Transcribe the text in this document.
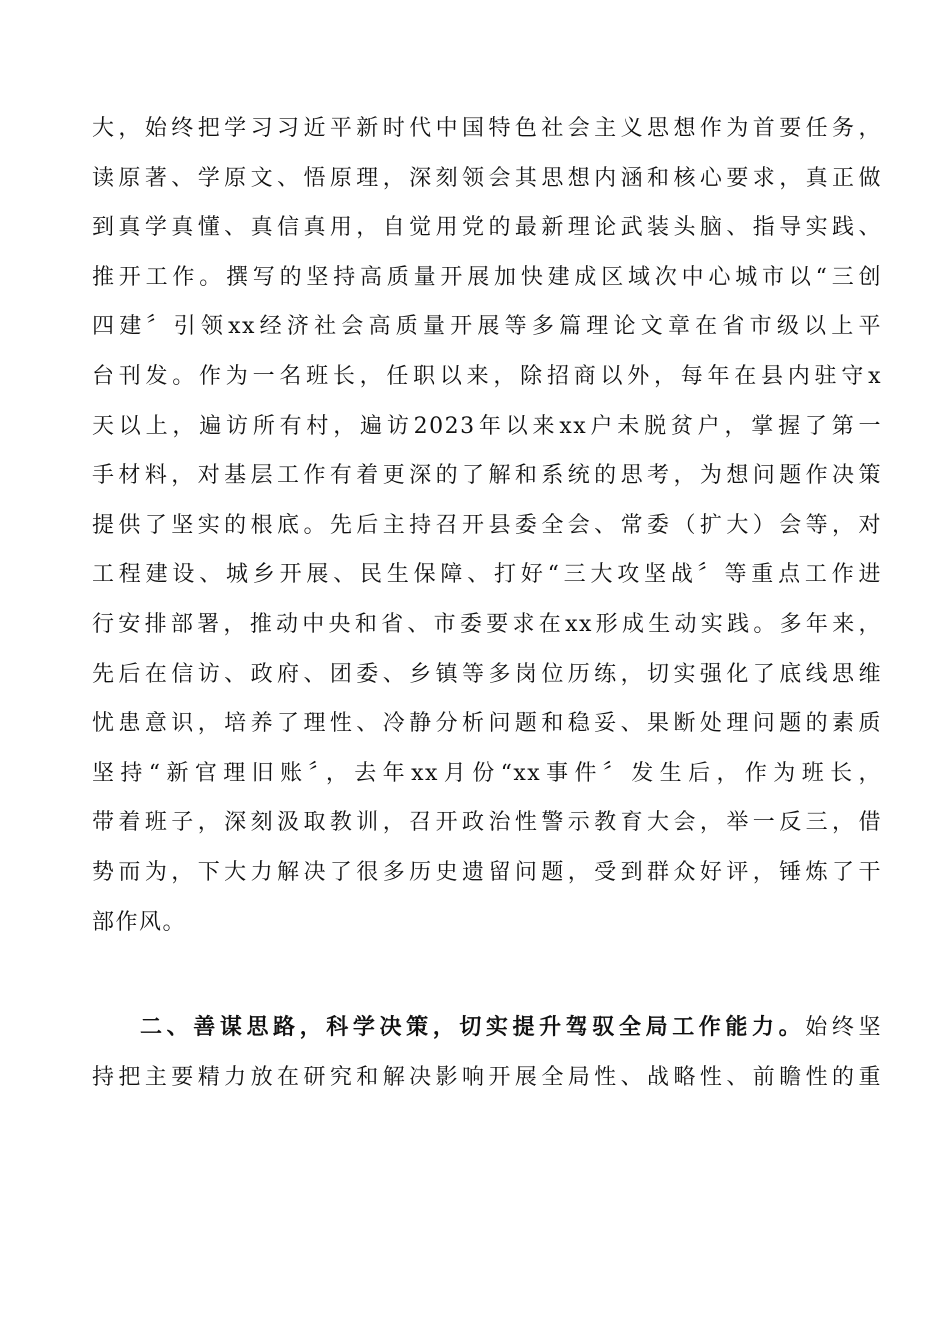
大，始终把学习习近平新时代中国特色社会主义思想作为首要任务，
读原著、学原文、悟原理，深刻领会其思想内涵和核心要求，真正做
到真学真懂、真信真用，自觉用党的最新理论武装头脑、指导实践、
推开工作。撰写的坚持高质量开展加快建成区域次中心城市以“三创
四建〞引领xx经济社会高质量开展等多篇理论文章在省市级以上平
台刊发。作为一名班长，任职以来，除招商以外，每年在县内驻守x
天以上，遍访所有村，遍访2023年以来xx户未脱贫户，掌握了第一
手材料，对基层工作有着更深的了解和系统的思考，为想问题作决策
提供了坚实的根底。先后主持召开县委全会、常委（扩大）会等，对
工程建设、城乡开展、民生保障、打好“三大攻坚战〞等重点工作进
行安排部署，推动中央和省、市委要求在xx形成生动实践。多年来，
先后在信访、政府、团委、乡镇等多岗位历练，切实强化了底线思维
忧患意识，培养了理性、冷静分析问题和稳妥、果断处理问题的素质
坚持“新官理旧账〞，去年xx月份“xx事件〞发生后，作为班长，
带着班子，深刻汲取教训，召开政治性警示教育大会，举一反三，借
势而为，下大力解决了很多历史遗留问题，受到群众好评，锤炼了干
部作风。
二、善谋思路，科学决策，切实提升驾驭全局工作能力。始终坚
持把主要精力放在研究和解决影响开展全局性、战略性、前瞻性的重
